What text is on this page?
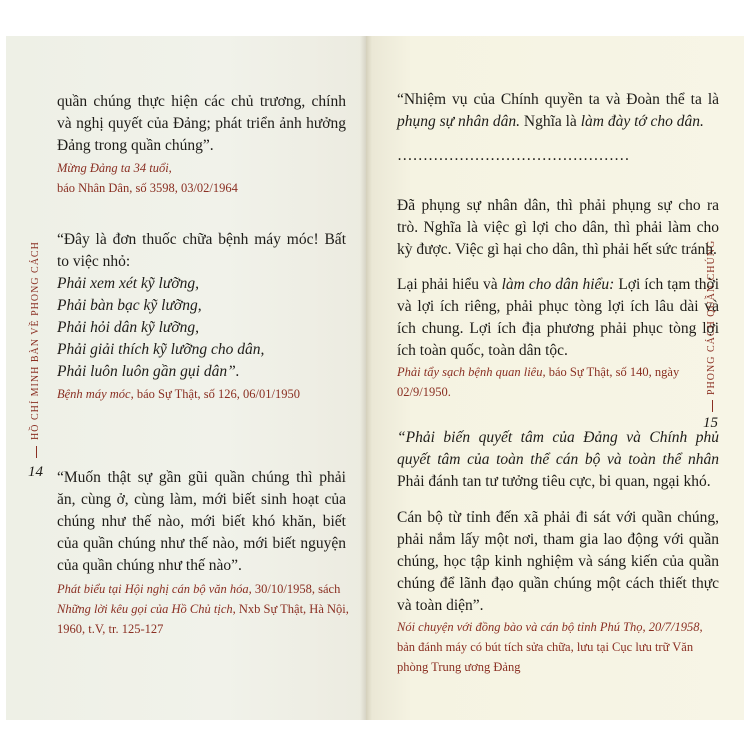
HỒ CHÍ MINH BÀN VỀ PHONG CÁCH
14
PHONG CÁCH QUẦN CHÚNG
15
quần chúng thực hiện các chủ trương, chính
và nghị quyết của Đảng; phát triển ảnh hưởng
Đảng trong quần chúng”.
Mừng Đảng ta 34 tuổi,
báo Nhân Dân, số 3598, 03/02/1964
“Đây là đơn thuốc chữa bệnh máy móc! Bất
to việc nhỏ:
Phải xem xét kỹ lưỡng,
Phải bàn bạc kỹ lưỡng,
Phải hỏi dân kỹ lưỡng,
Phải giải thích kỹ lưỡng cho dân,
Phải luôn luôn gần gụi dân”.
Bệnh máy móc, báo Sự Thật, số 126, 06/01/1950
“Muốn thật sự gần gũi quần chúng thì phải
ăn, cùng ở, cùng làm, mới biết sinh hoạt của
chúng như thế nào, mới biết khó khăn, biết
của quần chúng như thế nào, mới biết nguyện
của quần chúng như thế nào”.
Phát biểu tại Hội nghị cán bộ văn hóa, 30/10/1958, sách
Những lời kêu gọi của Hồ Chủ tịch, Nxb Sự Thật, Hà Nội,
1960, t.V, tr. 125-127
“Nhiệm vụ của Chính quyền ta và Đoàn thể ta là
phụng sự nhân dân. Nghĩa là làm đày tớ cho dân.
………………………………………
Đã phụng sự nhân dân, thì phải phụng sự cho ra
trò. Nghĩa là việc gì lợi cho dân, thì phải làm cho
kỳ được. Việc gì hại cho dân, thì phải hết sức tránh.
Lại phải hiểu và làm cho dân hiểu: Lợi ích tạm thời
và lợi ích riêng, phải phục tòng lợi ích lâu dài và
ích chung. Lợi ích địa phương phải phục tòng lợi
ích toàn quốc, toàn dân tộc.
Phải tẩy sạch bệnh quan liêu, báo Sự Thật, số 140, ngày
02/9/1950.
“Phải biến quyết tâm của Đảng và Chính phủ
quyết tâm của toàn thể cán bộ và toàn thể nhân
Phải đánh tan tư tưởng tiêu cực, bi quan, ngại khó.
Cán bộ từ tỉnh đến xã phải đi sát với quần chúng,
phải nắm lấy một nơi, tham gia lao động với quần
chúng, học tập kinh nghiệm và sáng kiến của quần
chúng để lãnh đạo quần chúng một cách thiết thực
và toàn diện”.
Nói chuyện với đồng bào và cán bộ tỉnh Phú Thọ, 20/7/1958,
bản đánh máy có bút tích sửa chữa, lưu tại Cục lưu trữ Văn
phòng Trung ương Đảng
